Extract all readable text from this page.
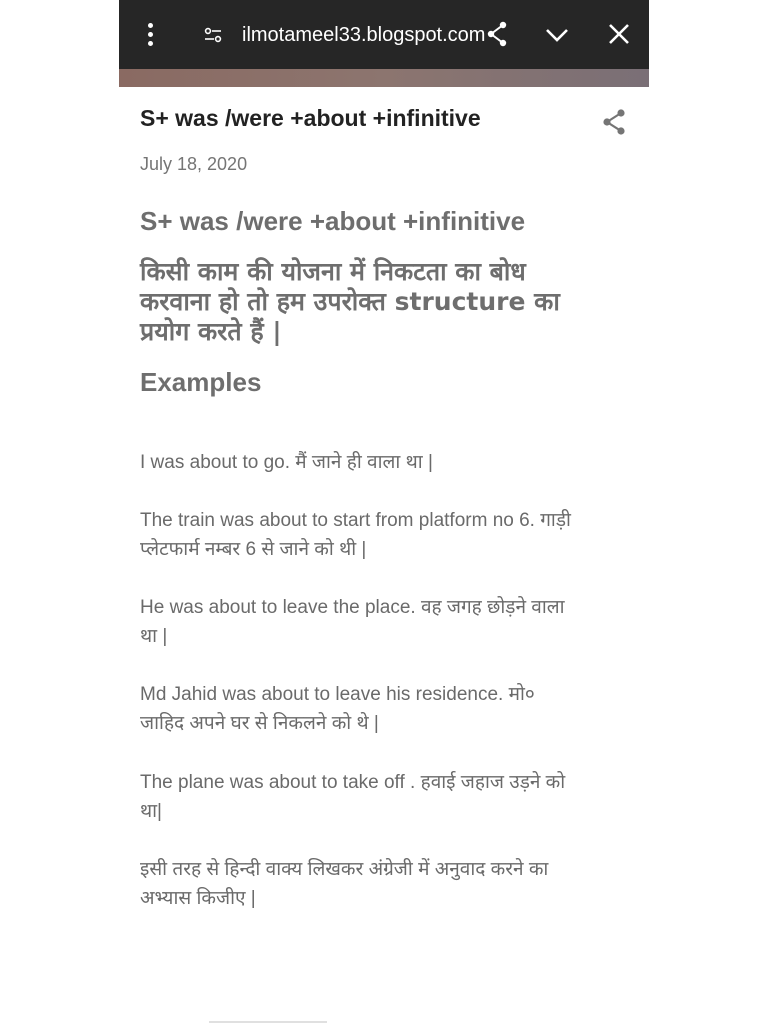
ilmotameel33.blogspot.com
S+ was /were +about +infinitive
July 18, 2020
S+ was /were +about +infinitive
किसी काम की योजना में निकटता का बोध
करवाना हो तो हम उपरोक्त structure का
प्रयोग करते हैं |
Examples
I was about to go. मैं जाने ही वाला था |
The train was about to start from platform no 6. गाड़ी
प्लेटफार्म नम्बर 6 से जाने को थी |
He was about to leave the place. वह जगह छोड़ने वाला
था |
Md Jahid was about to leave his residence. मो०
जाहिद अपने घर से निकलने को थे |
The plane was about to take off . हवाई जहाज उड़ने को
था|
इसी तरह से हिन्दी वाक्य लिखकर अंग्रेजी में अनुवाद करने का
अभ्यास किजीए |
